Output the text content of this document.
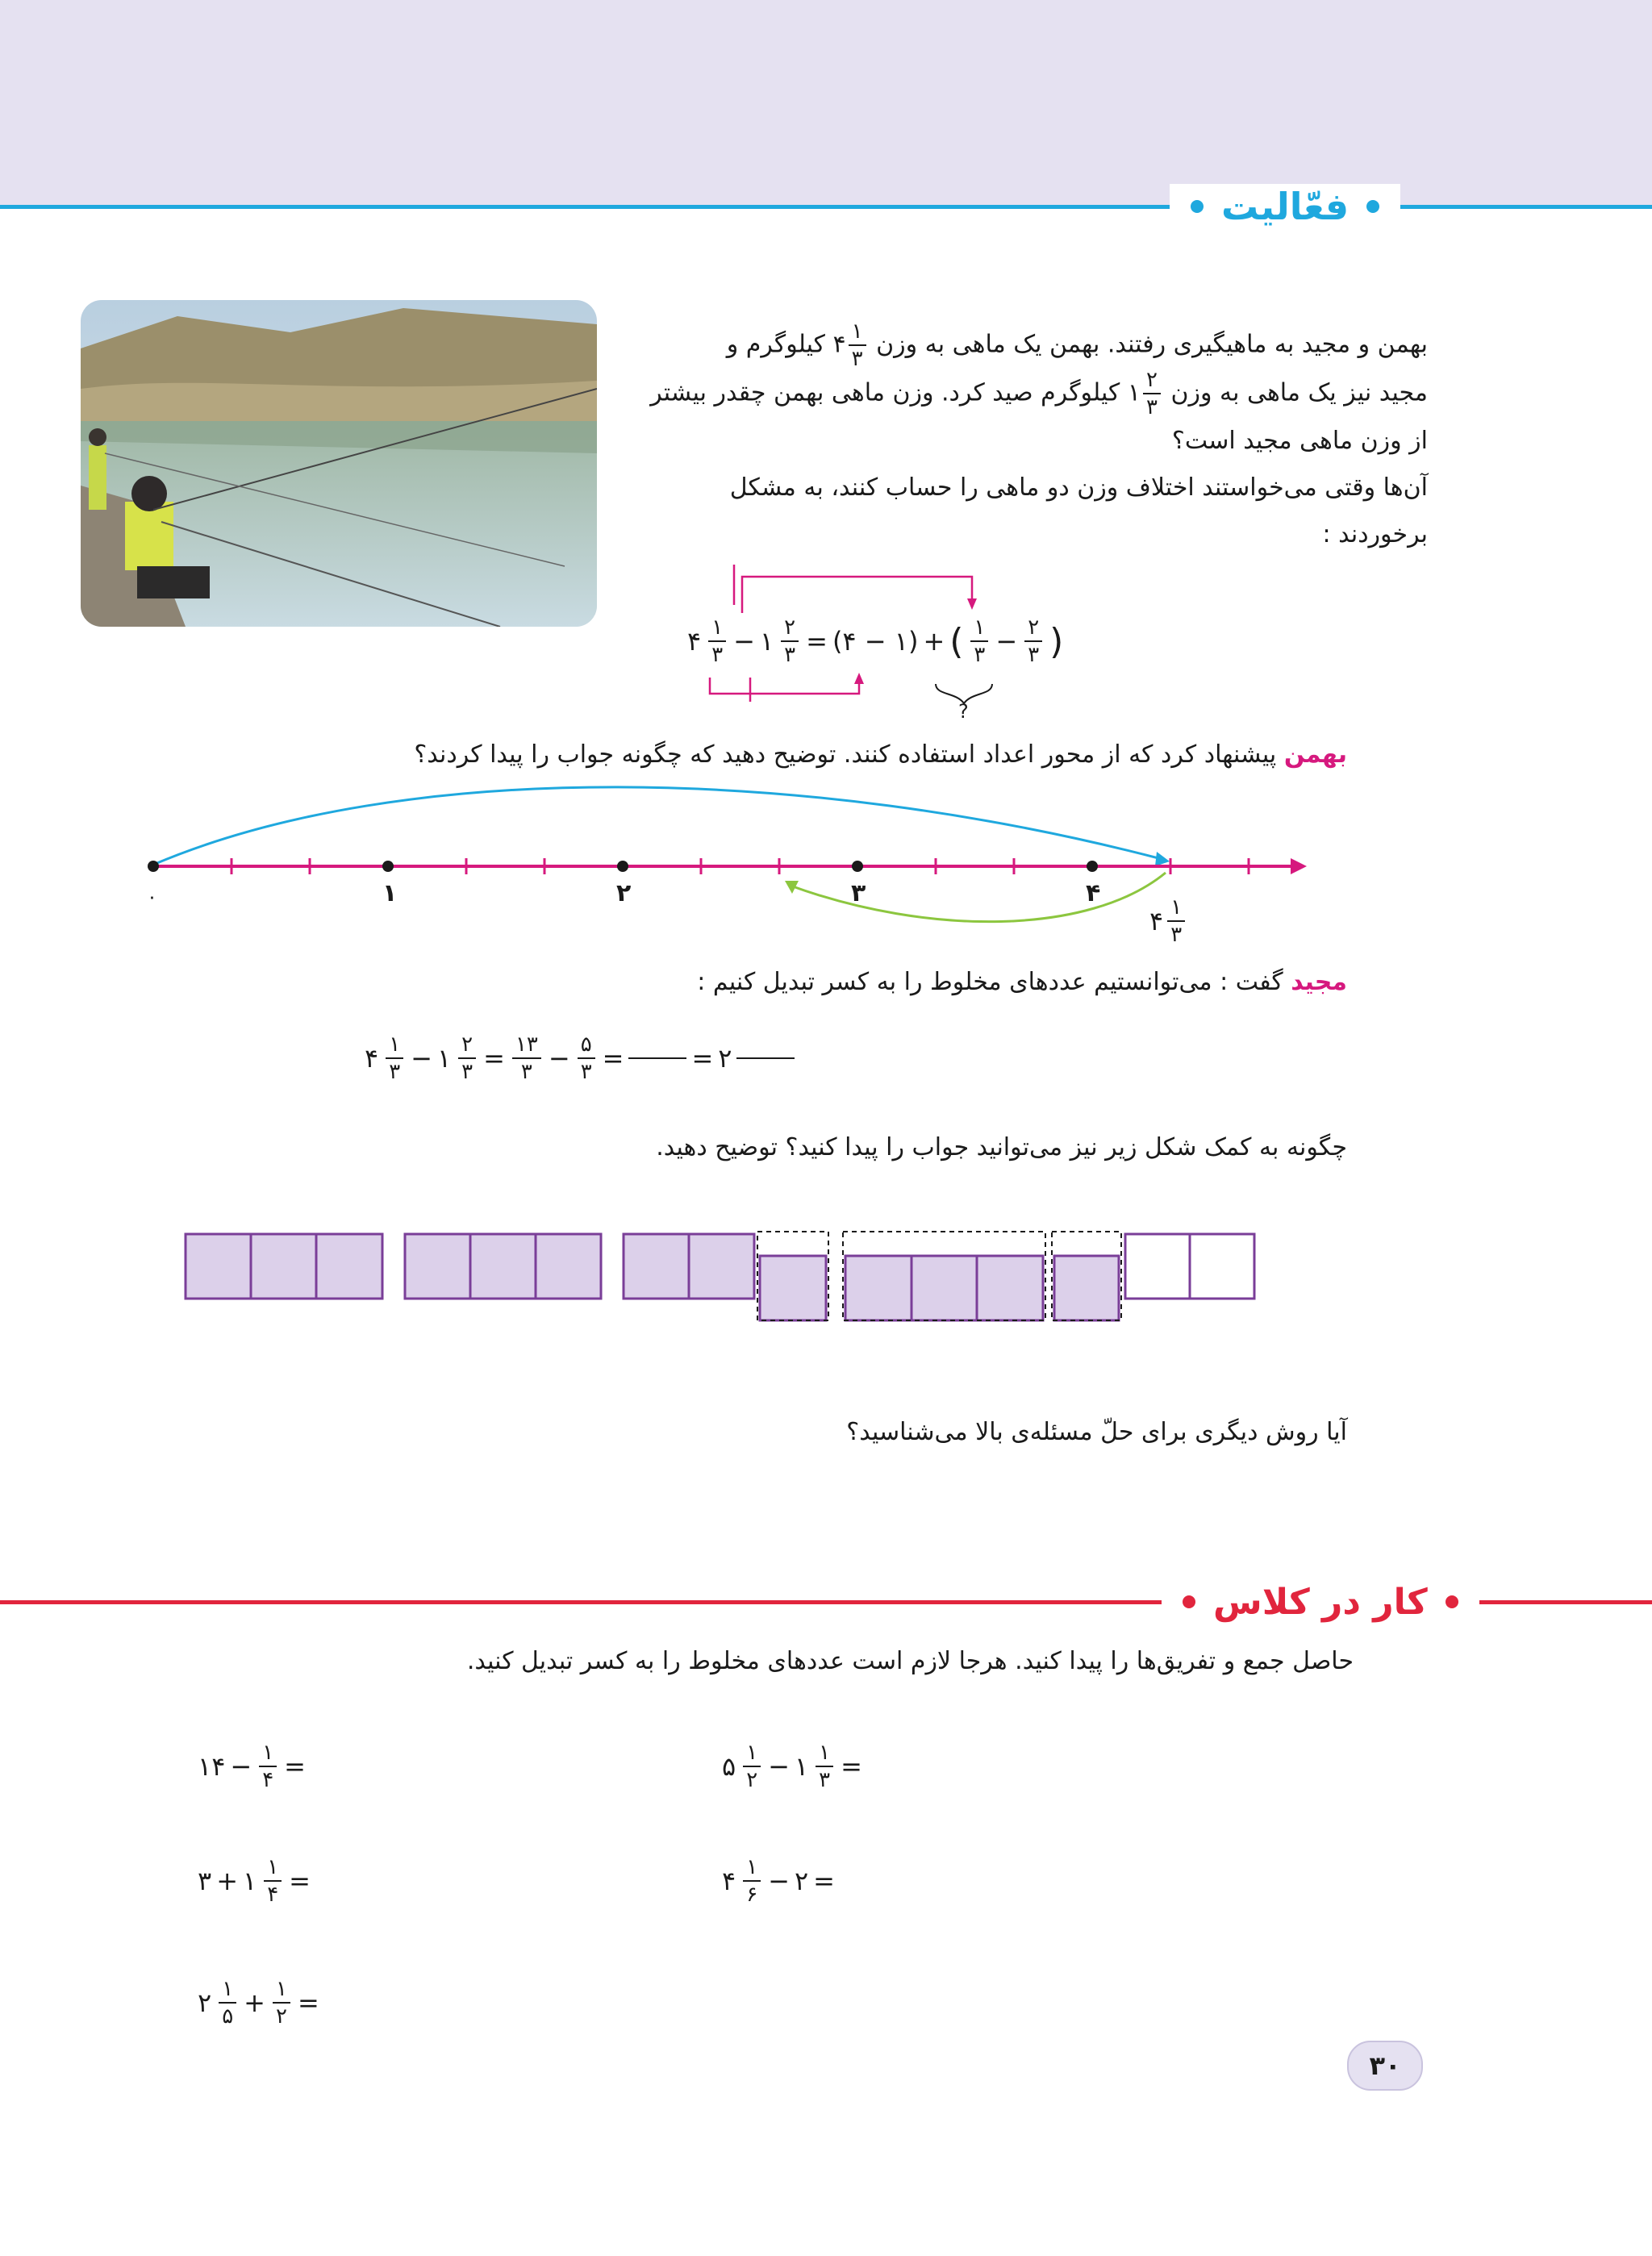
فعّالیت
بهمن و مجید به ماهیگیری رفتند. بهمن یک ماهی به وزن
$\frac{۱}{۳}$
۴ کیلوگرم و
مجید نیز یک ماهی به وزن
$\frac{۲}{۳}$
۱ کیلوگرم صید کرد. وزن ماهی بهمن چقدر بیشتر
از وزن ماهی مجید است؟
آن‌ها وقتی می‌خواستند اختلاف وزن دو ماهی را حساب کنند، به مشکل
برخوردند :
۴ $\frac{۱}{۳}$ − ۱ $\frac{۲}{۳}$ = (۴ − ۱) + ( $\frac{۱}{۳} - \frac{۲}{۳}$ )
?
بهمن پیشنهاد کرد که از محور اعداد استفاده کنند. توضیح دهید که چگونه جواب را پیدا کردند؟
۰	۱	۲	۳	۴
۴ $\frac{۱}{۳}$
مجید گفت : می‌توانستیم عددهای مخلوط را به کسر تبدیل کنیم :
۴ $\frac{۱}{۳}$ − ۱ $\frac{۲}{۳} = \frac{۱۳}{۳} - \frac{۵}{۳}$ =	= ۲
چگونه به کمک شکل زیر نیز می‌توانید جواب را پیدا کنید؟ توضیح دهید.
آیا روش دیگری برای حلّ مسئله‌ی بالا می‌شناسید؟
کار در کلاس
حاصل جمع و تفریق‌ها را پیدا کنید. هرجا لازم است عددهای مخلوط را به کسر تبدیل کنید.
۵ $\frac{۱}{۲}$ − ۱ $\frac{۱}{۳}$ =
۱۴ − $\frac{۱}{۴}$ =
۴ $\frac{۱}{۶}$ − ۲ =
۳ + ۱ $\frac{۱}{۴}$ =
۲ $\frac{۱}{۵} + \frac{۱}{۲}$ =
۳۰
